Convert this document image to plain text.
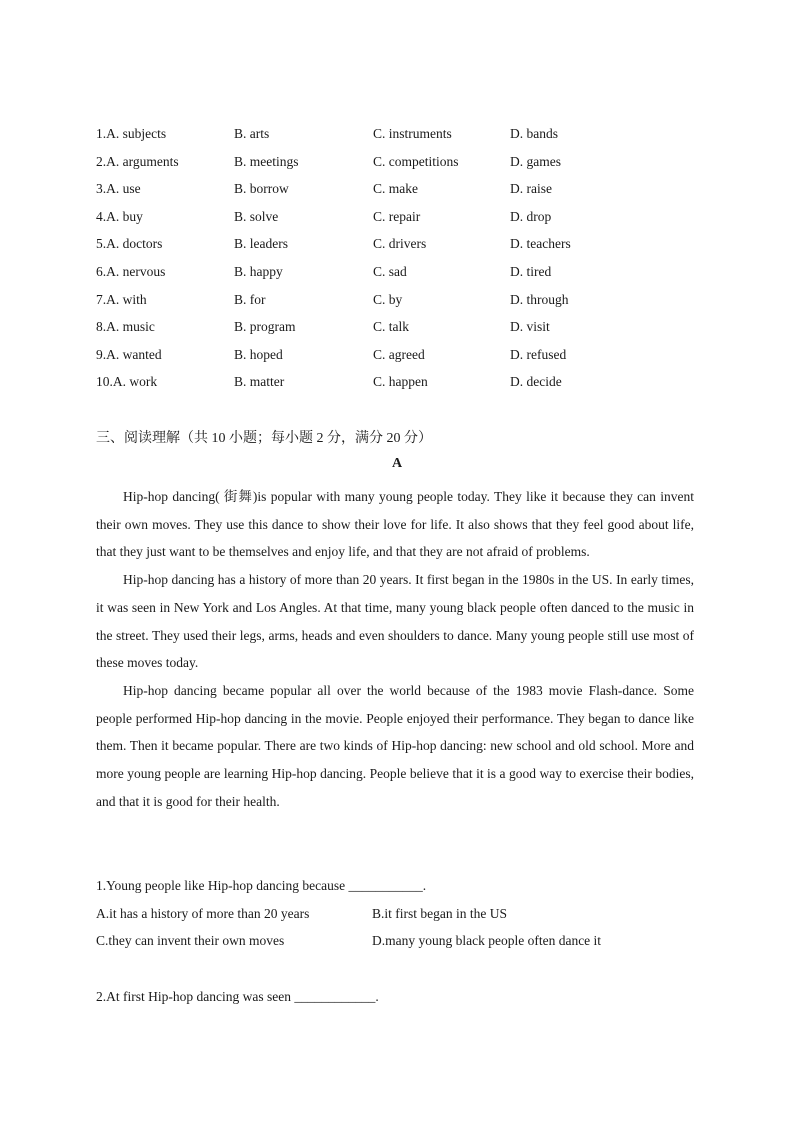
1.A. subjects	B. arts	C. instruments	D. bands
2.A. arguments	B. meetings	C. competitions	D. games
3.A. use	B. borrow	C. make	D. raise
4.A. buy	B. solve	C. repair	D. drop
5.A. doctors	B. leaders	C. drivers	D. teachers
6.A. nervous	B. happy	C. sad	D. tired
7.A. with	B. for	C. by	D. through
8.A. music	B. program	C. talk	D. visit
9.A. wanted	B. hoped	C. agreed	D. refused
10.A. work	B. matter	C. happen	D. decide
三、阅读理解（共 10 小题；每小题 2 分，满分 20 分）
A

Hip-hop dancing( 街舞)is popular with many young people today. They like it because they can invent their own moves. They use this dance to show their love for life. It also shows that they feel good about life, that they just want to be themselves and enjoy life, and that they are not afraid of problems.

Hip-hop dancing has a history of more than 20 years. It first began in the 1980s in the US. In early times, it was seen in New York and Los Angles. At that time, many young black people often danced to the music in the street. They used their legs, arms, heads and even shoulders to dance. Many young people still use most of these moves today.

Hip-hop dancing became popular all over the world because of the 1983 movie Flash-dance. Some people performed Hip-hop dancing in the movie. People enjoyed their performance. They began to dance like them. Then it became popular. There are two kinds of Hip-hop dancing: new school and old school. More and more young people are learning Hip-hop dancing. People believe that it is a good way to exercise their bodies, and that it is good for their health.

1.Young people like Hip-hop dancing because ___________.
A.it has a history of more than 20 years	B.it first began in the US
C.they can invent their own moves	D.many young black people often dance it
2.At first Hip-hop dancing was seen ____________.
